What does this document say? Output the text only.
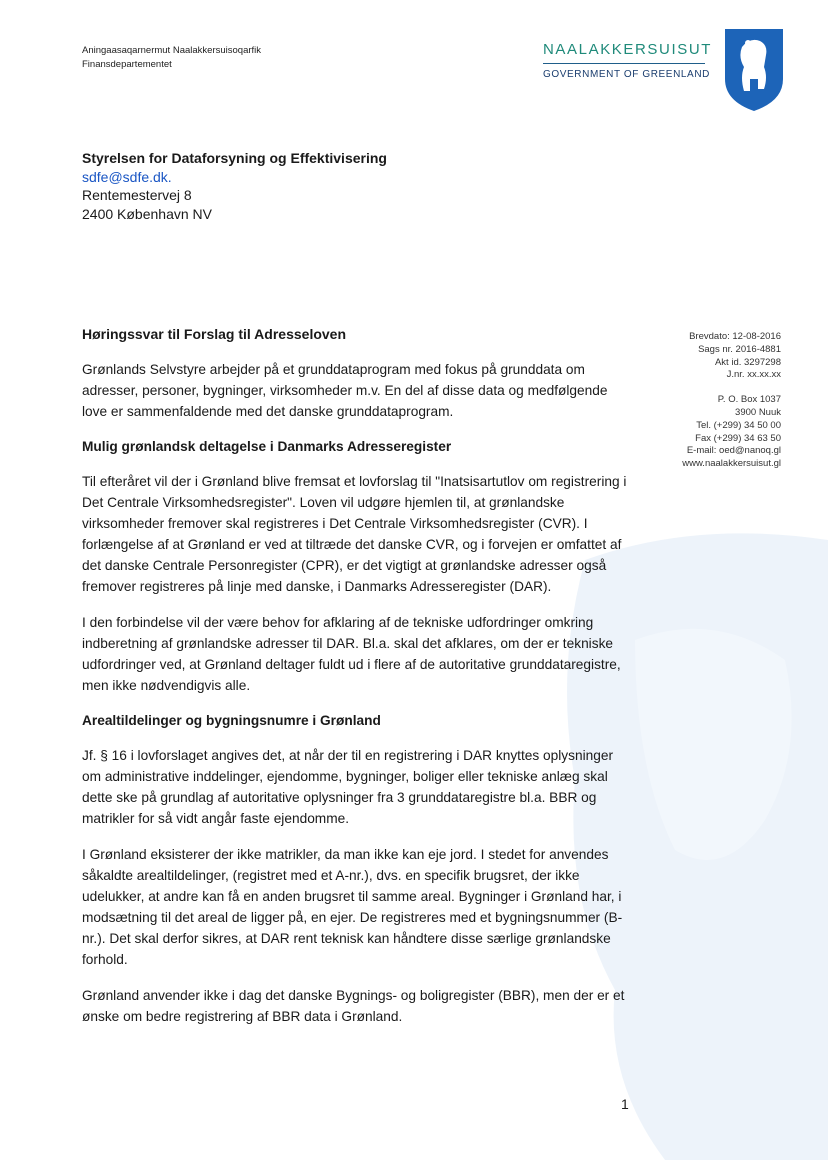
Aningaasaqarnermut Naalakkersuisoqarfik
Finansdepartementet
NAALAKKERSUISUT
GOVERNMENT OF GREENLAND
Styrelsen for Dataforsyning og Effektivisering
sdfe@sdfe.dk.
Rentemestervej 8
2400 København NV
Brevdato: 12-08-2016
Sags nr. 2016-4881
Akt id. 3297298
J.nr. xx.xx.xx
P. O. Box 1037
3900 Nuuk
Tel. (+299) 34 50 00
Fax (+299) 34 63 50
E-mail: oed@nanoq.gl
www.naalakkersuisut.gl
Høringssvar til Forslag til Adresseloven

Grønlands Selvstyre arbejder på et grunddataprogram med fokus på grunddata om adresser, personer, bygninger, virksomheder m.v. En del af disse data og medfølgende love er sammenfaldende med det danske grunddataprogram.

Mulig grønlandsk deltagelse i Danmarks Adresseregister

Til efteråret vil der i Grønland blive fremsat et lovforslag til "Inatsisartutlov om registrering i Det Centrale Virksomhedsregister". Loven vil udgøre hjemlen til, at grønlandske virksomheder fremover skal registreres i Det Centrale Virksomhedsregister (CVR). I forlængelse af at Grønland er ved at tiltræde det danske CVR, og i forvejen er omfattet af det danske Centrale Personregister (CPR), er det vigtigt at grønlandske adresser også fremover registreres på linje med danske, i Danmarks Adresseregister (DAR).

I den forbindelse vil der være behov for afklaring af de tekniske udfordringer omkring indberetning af grønlandske adresser til DAR. Bl.a. skal det afklares, om der er tekniske udfordringer ved, at Grønland deltager fuldt ud i flere af de autoritative grunddataregistre, men ikke nødvendigvis alle.

Arealtildelinger og bygningsnumre i Grønland

Jf. § 16 i lovforslaget angives det, at når der til en registrering i DAR knyttes oplysninger om administrative inddelinger, ejendomme, bygninger, boliger eller tekniske anlæg skal dette ske på grundlag af autoritative oplysninger fra 3 grunddataregistre bl.a. BBR og matrikler for så vidt angår faste ejendomme.

I Grønland eksisterer der ikke matrikler, da man ikke kan eje jord. I stedet for anvendes såkaldte arealtildelinger, (registret med et A-nr.), dvs. en specifik brugsret, der ikke udelukker, at andre kan få en anden brugsret til samme areal. Bygninger i Grønland har, i modsætning til det areal de ligger på, en ejer. De registreres med et bygningsnummer (B-nr.). Det skal derfor sikres, at DAR rent teknisk kan håndtere disse særlige grønlandske forhold.

Grønland anvender ikke i dag det danske Bygnings- og boligregister (BBR), men der er et ønske om bedre registrering af BBR data i Grønland.

1
